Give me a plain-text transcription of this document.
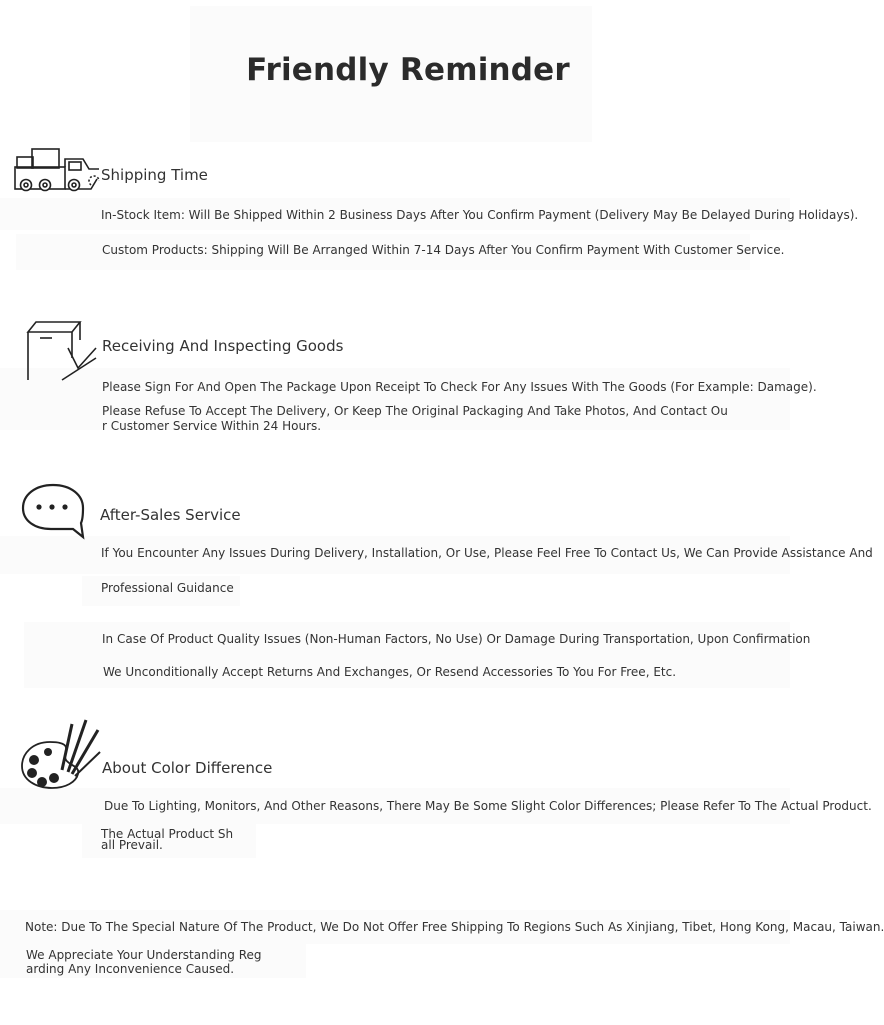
Friendly Reminder
Shipping Time
In-Stock Item: Will Be Shipped Within 2 Business Days After You Confirm Payment (Delivery May Be Delayed During Holidays).
Custom Products: Shipping Will Be Arranged Within 7-14 Days After You Confirm Payment With Customer Service.
Receiving And Inspecting Goods
Please Sign For And Open The Package Upon Receipt To Check For Any Issues With The Goods (For Example: Damage).
Please Refuse To Accept The Delivery, Or Keep The Original Packaging And Take Photos, And Contact Our Customer Service Within 24 Hours.
After-Sales Service
If You Encounter Any Issues During Delivery, Installation, Or Use, Please Feel Free To Contact Us, We Can Provide Assistance And
Professional Guidance
In Case Of Product Quality Issues (Non-Human Factors, No Use) Or Damage During Transportation, Upon Confirmation
We Unconditionally Accept Returns And Exchanges, Or Resend Accessories To You For Free, Etc.
About Color Difference
Due To Lighting, Monitors, And Other Reasons, There May Be Some Slight Color Differences; Please Refer To The Actual Product.
The Actual Product Shall Prevail.
Note: Due To The Special Nature Of The Product, We Do Not Offer Free Shipping To Regions Such As Xinjiang, Tibet, Hong Kong, Macau, Taiwan.
We Appreciate Your Understanding Regarding Any Inconvenience Caused.
